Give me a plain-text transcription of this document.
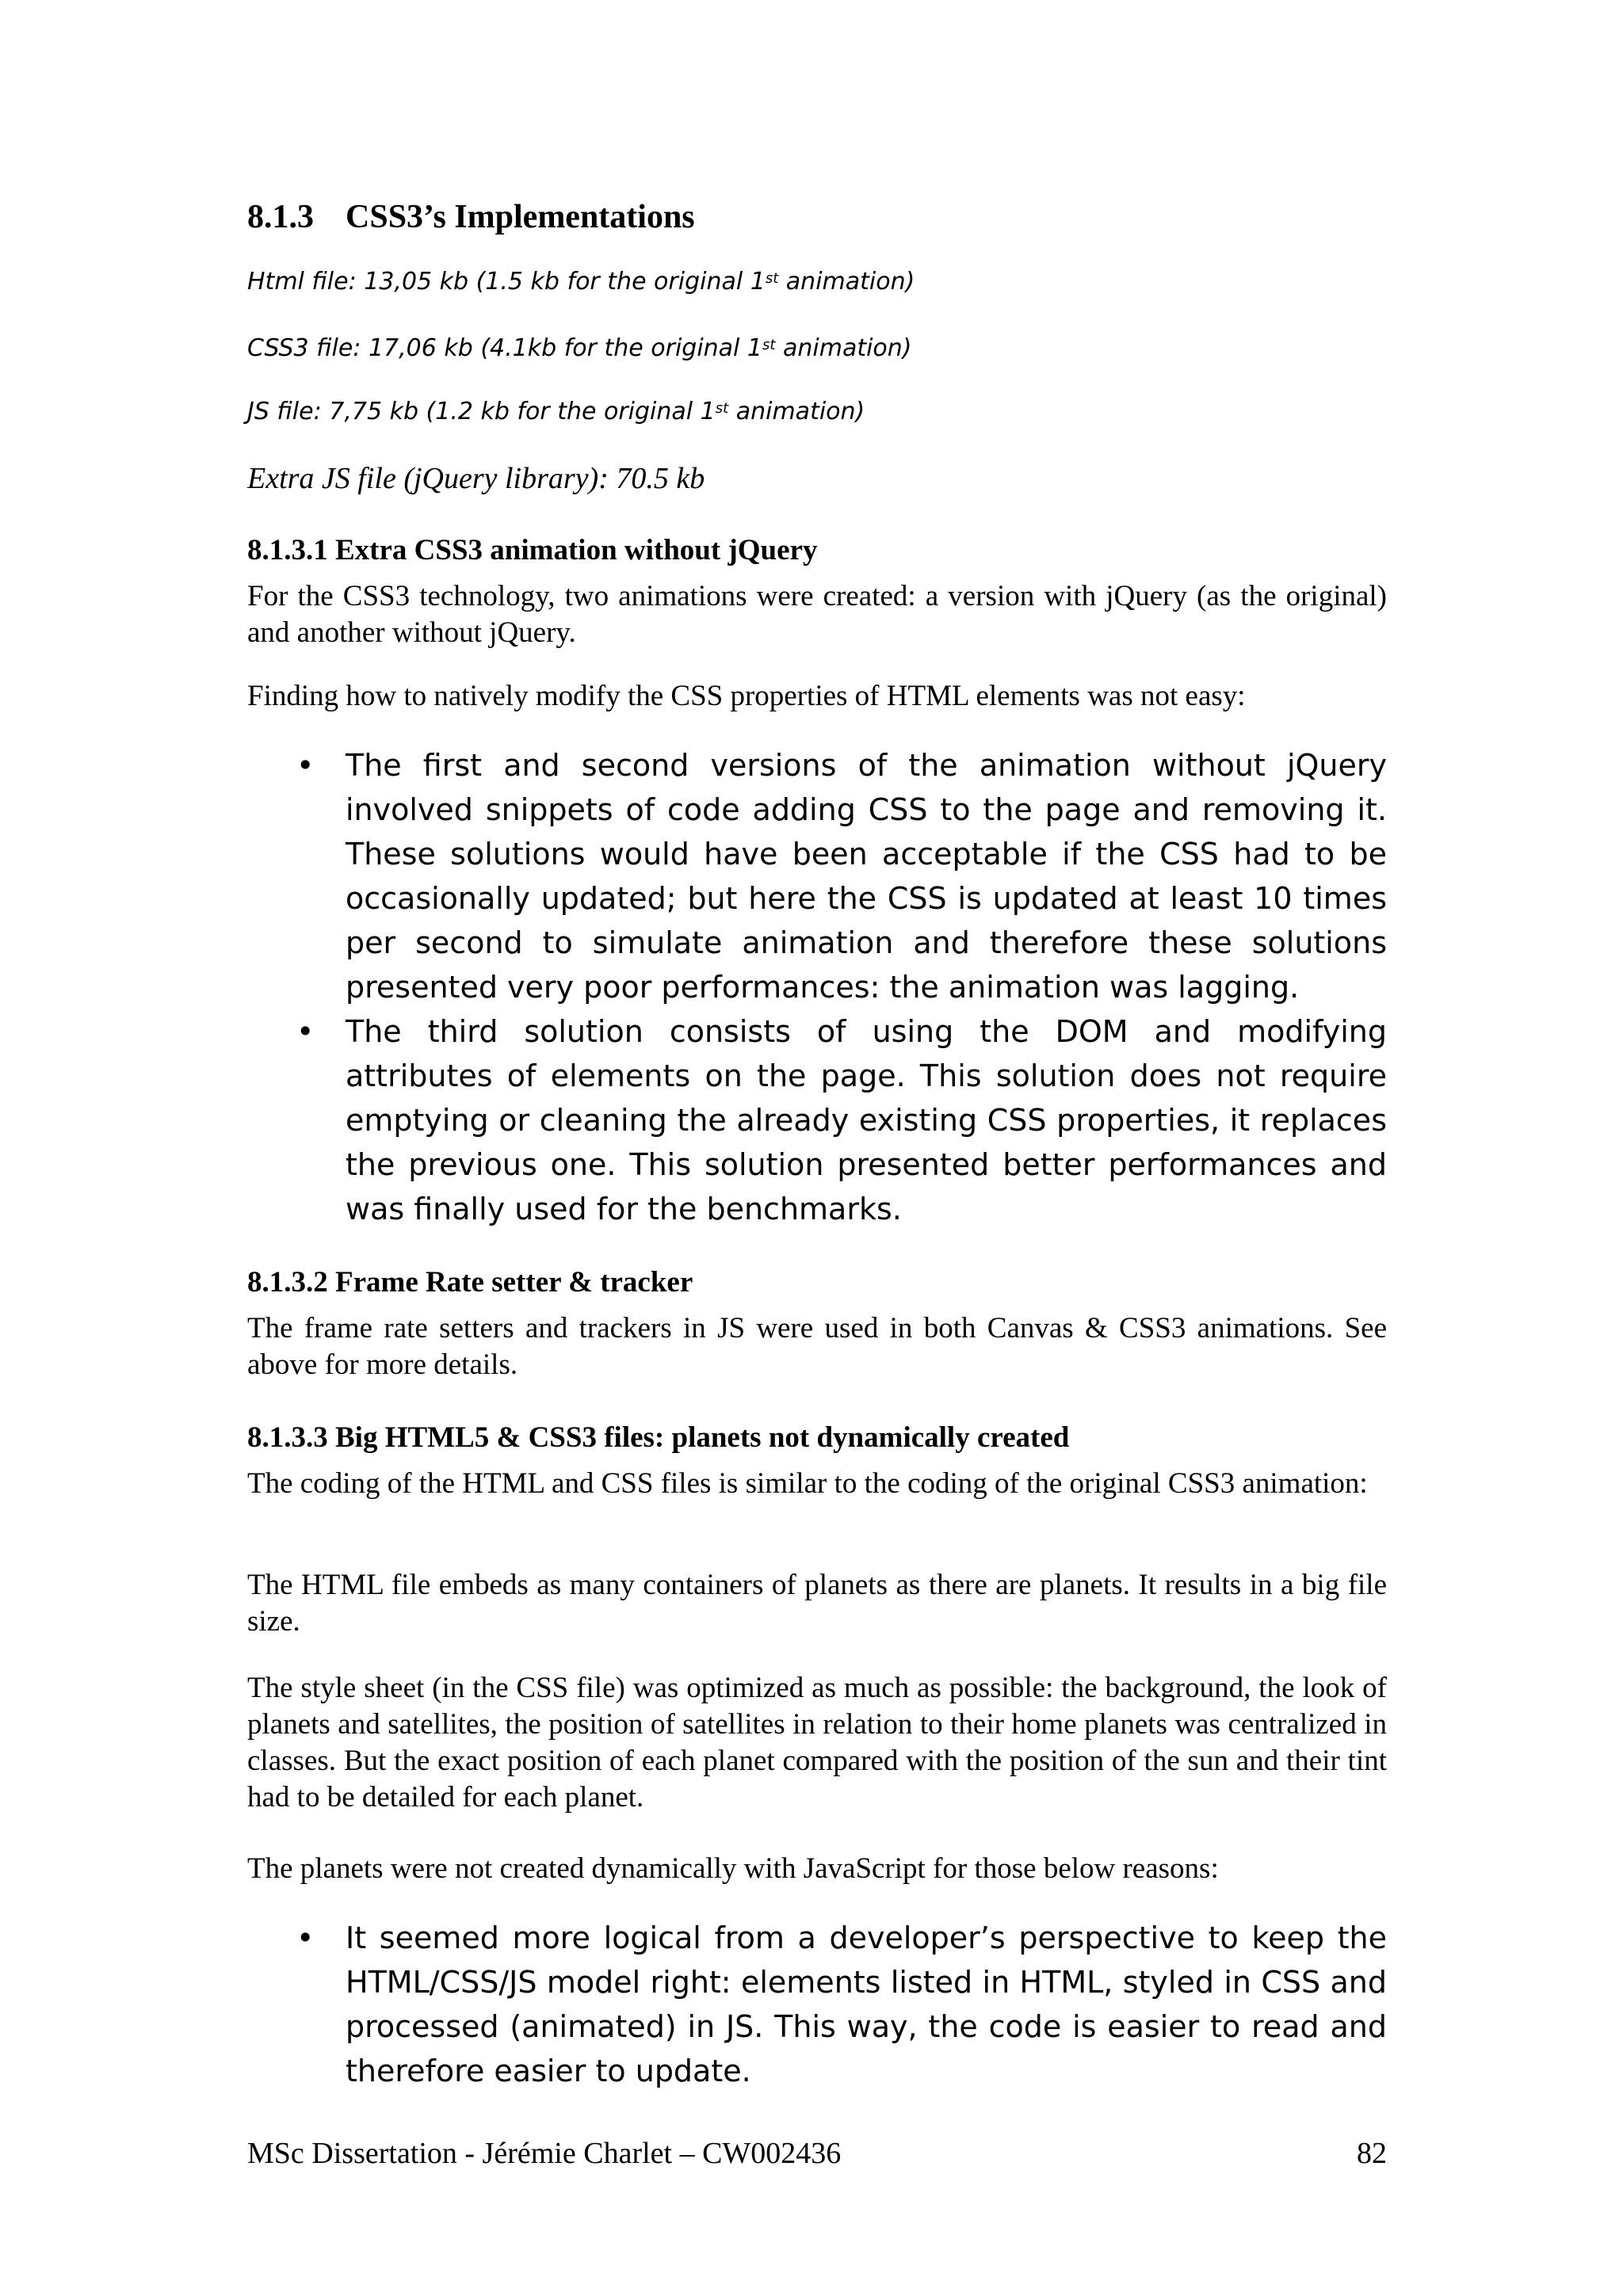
8.1.3 CSS3’s Implementations
Html file: 13,05 kb (1.5 kb for the original 1st animation)
CSS3 file: 17,06 kb (4.1kb for the original 1st animation)
JS file: 7,75 kb (1.2 kb for the original 1st animation)
Extra JS file (jQuery library): 70.5 kb
8.1.3.1 Extra CSS3 animation without jQuery

For the CSS3 technology, two animations were created: a version with jQuery (as the original) and another without jQuery.

Finding how to natively modify the CSS properties of HTML elements was not easy:

• The first and second versions of the animation without jQuery involved snippets of code adding CSS to the page and removing it. These solutions would have been acceptable if the CSS had to be occasionally updated; but here the CSS is updated at least 10 times per second to simulate animation and therefore these solutions presented very poor performances: the animation was lagging.
• The third solution consists of using the DOM and modifying attributes of elements on the page. This solution does not require emptying or cleaning the already existing CSS properties, it replaces the previous one. This solution presented better performances and was finally used for the benchmarks.
8.1.3.2 Frame Rate setter & tracker

The frame rate setters and trackers in JS were used in both Canvas & CSS3 animations. See above for more details.

8.1.3.3 Big HTML5 & CSS3 files: planets not dynamically created

The coding of the HTML and CSS files is similar to the coding of the original CSS3 animation:

The HTML file embeds as many containers of planets as there are planets. It results in a big file size.

The style sheet (in the CSS file) was optimized as much as possible: the background, the look of planets and satellites, the position of satellites in relation to their home planets was centralized in classes. But the exact position of each planet compared with the position of the sun and their tint had to be detailed for each planet.

The planets were not created dynamically with JavaScript for those below reasons:

• It seemed more logical from a developer’s perspective to keep the HTML/CSS/JS model right: elements listed in HTML, styled in CSS and processed (animated) in JS. This way, the code is easier to read and therefore easier to update.
MSc Dissertation - Jérémie Charlet – CW002436	82
